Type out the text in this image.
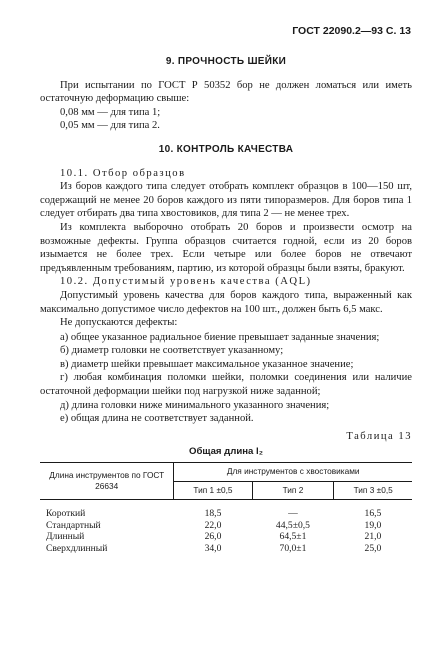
ГОСТ 22090.2—93 С. 13
9. ПРОЧНОСТЬ ШЕЙКИ

При испытании по ГОСТ Р 50352 бор не должен ломаться или иметь остаточную деформацию свыше:

0,08 мм — для типа 1;

0,05 мм — для типа 2.

10. КОНТРОЛЬ КАЧЕСТВА

10.1. Отбор образцов

Из боров каждого типа следует отобрать комплект образцов в 100—150 шт, содержащий не менее 20 боров каждого из пяти типоразмеров. Для боров типа 1 следует отбирать два типа хвостовиков, для типа 2 — не менее трех.

Из комплекта выборочно отобрать 20 боров и произвести осмотр на возможные дефекты. Группа образцов считается годной, если из 20 боров изымается не более трех. Если четыре или более боров не отвечают предъявленным требованиям, партию, из которой образцы были взяты, бракуют.

10.2. Допустимый уровень качества (AQL)

Допустимый уровень качества для боров каждого типа, выраженный как максимально допустимое число дефектов на 100 шт., должен быть 6,5 макс.

Не допускаются дефекты:

а) общее указанное радиальное биение превышает заданные значения;

б) диаметр головки не соответствует указанному;

в) диаметр шейки превышает максимальное указанное значение;

г) любая комбинация поломки шейки, поломки соединения или наличие остаточной деформации шейки под нагрузкой ниже заданной;

д) длина головки ниже минимального указанного значения;

е) общая длина не соответствует заданной.

Таблица 13
Общая длина l₂
Длина инструментов по ГОСТ 26634	Для инструментов с хвостовиками		
	Тип 1 ±0,5	Тип 2	Тип 3 ±0,5
Короткий	18,5	—	16,5
Стандартный	22,0	44,5±0,5	19,0
Длинный	26,0	64,5±1	21,0
Сверхдлинный	34,0	70,0±1	25,0
